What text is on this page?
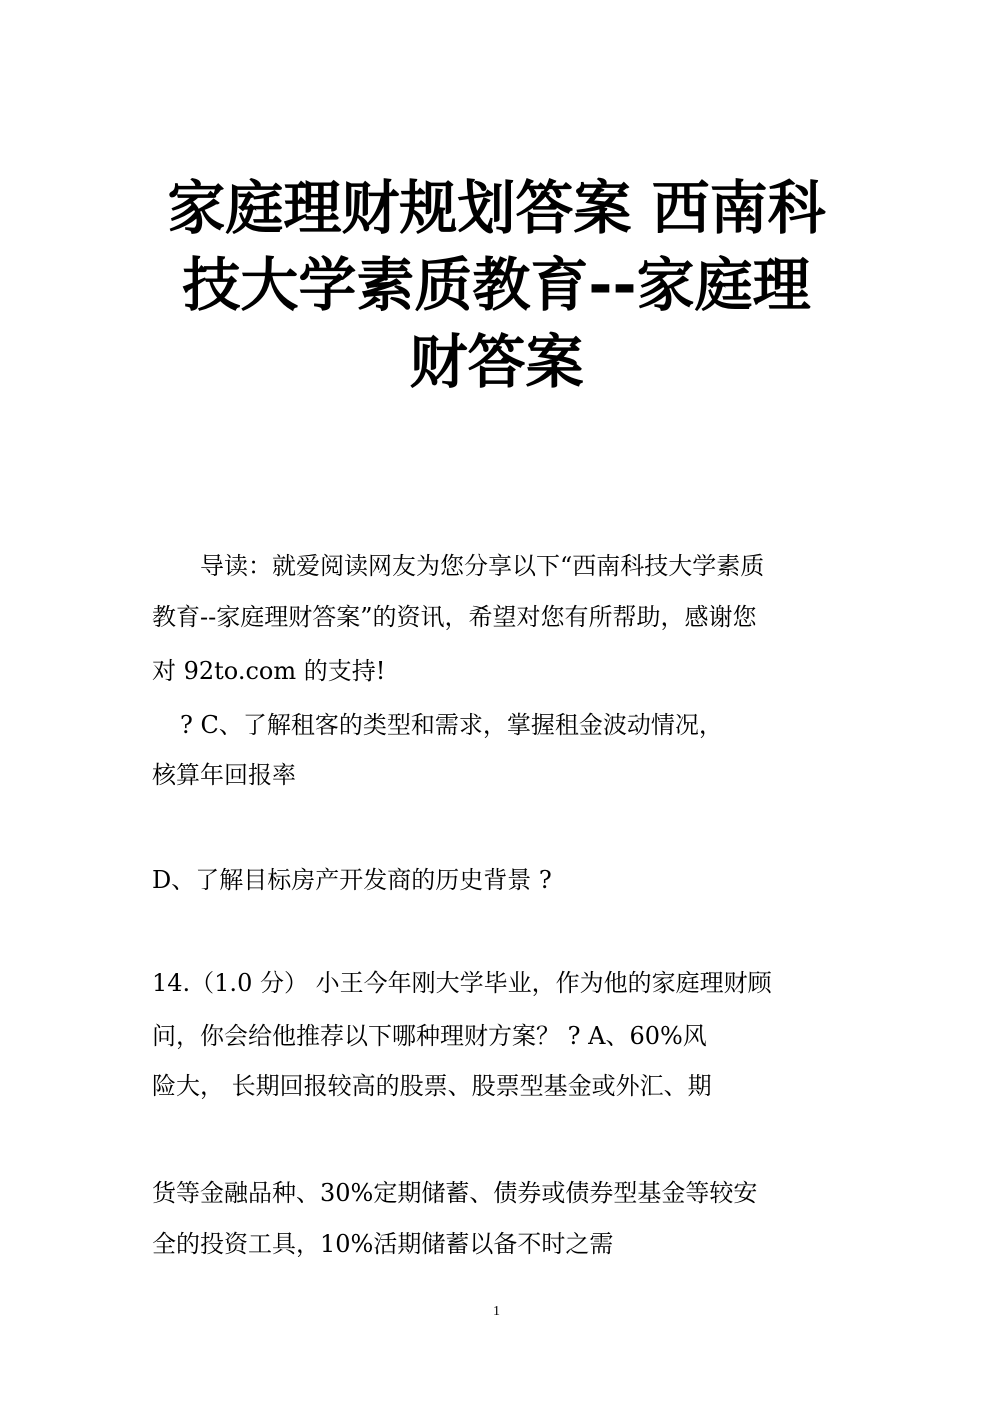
家庭理财规划答案 西南科
技大学素质教育--家庭理
财答案

导读：就爱阅读网友为您分享以下“西南科技大学素质

教育--家庭理财答案”的资讯，希望对您有所帮助，感谢您

对 92to.com 的支持!

? C、了解租客的类型和需求，掌握租金波动情况，

核算年回报率

D、了解目标房产开发商的历史背景 ?

14.（1.0 分） 小王今年刚大学毕业，作为他的家庭理财顾

问，你会给他推荐以下哪种理财方案？ ? A、60%风

险大， 长期回报较高的股票、股票型基金或外汇、期

货等金融品种、30%定期储蓄、债券或债券型基金等较安

全的投资工具，10%活期储蓄以备不时之需

1
